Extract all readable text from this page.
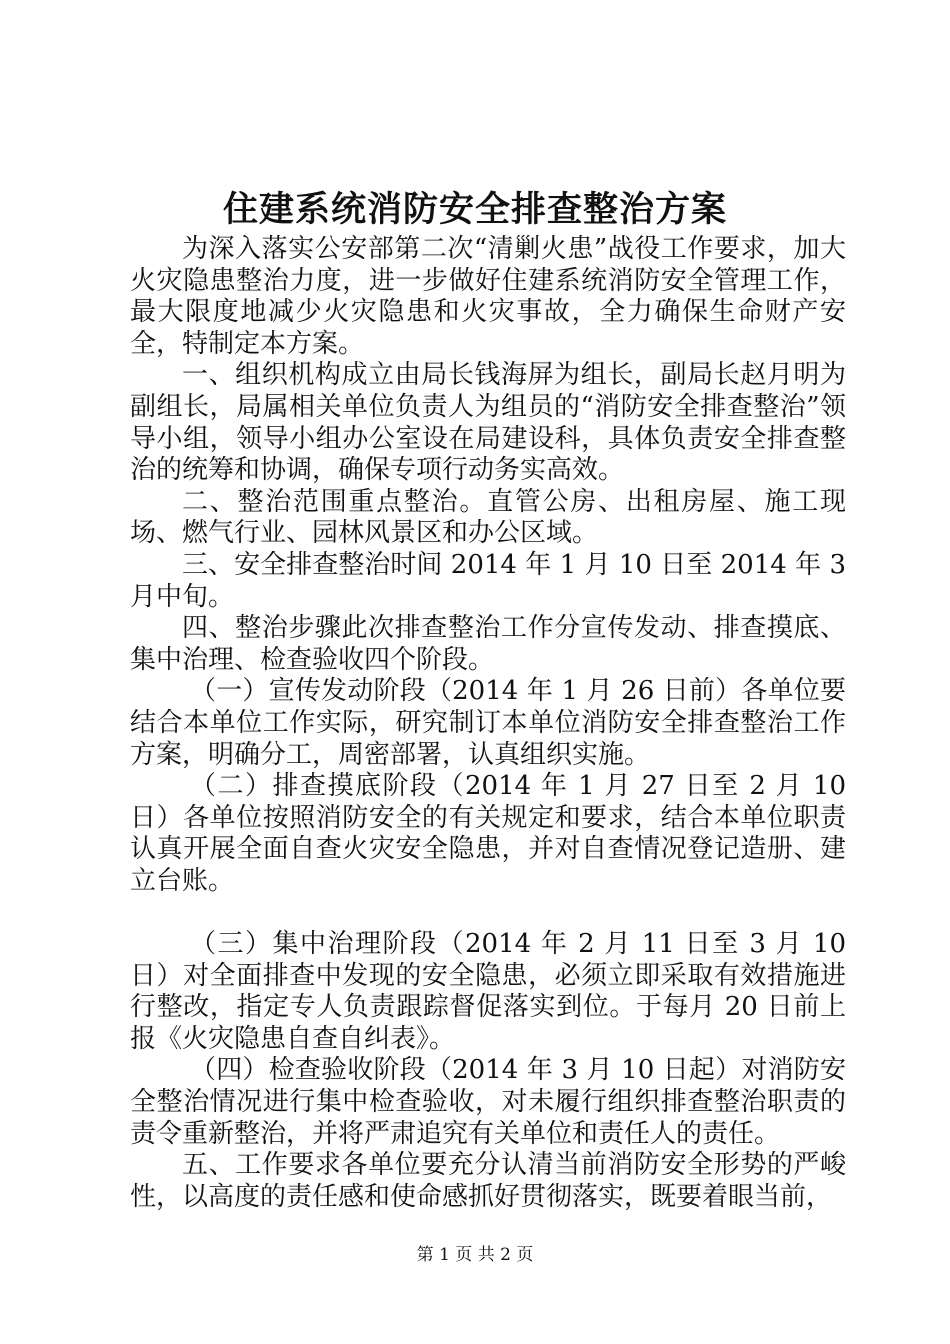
住建系统消防安全排查整治方案

为深入落实公安部第二次“清剿火患”战役工作要求，加大火灾隐患整治力度，进一步做好住建系统消防安全管理工作，最大限度地减少火灾隐患和火灾事故，全力确保生命财产安全，特制定本方案。

一、组织机构成立由局长钱海屏为组长，副局长赵月明为副组长，局属相关单位负责人为组员的“消防安全排查整治”领导小组，领导小组办公室设在局建设科，具体负责安全排查整治的统筹和协调，确保专项行动务实高效。

二、整治范围重点整治。直管公房、出租房屋、施工现场、燃气行业、园林风景区和办公区域。

三、安全排查整治时间 2014 年 1 月 10 日至 2014 年 3 月中旬。

四、整治步骤此次排查整治工作分宣传发动、排查摸底、集中治理、检查验收四个阶段。

（一）宣传发动阶段（2014 年 1 月 26 日前）各单位要结合本单位工作实际，研究制订本单位消防安全排查整治工作方案，明确分工，周密部署，认真组织实施。

（二）排查摸底阶段（2014 年 1 月 27 日至 2 月 10 日）各单位按照消防安全的有关规定和要求，结合本单位职责认真开展全面自查火灾安全隐患，并对自查情况登记造册、建立台账。

（三）集中治理阶段（2014 年 2 月 11 日至 3 月 10 日）对全面排查中发现的安全隐患，必须立即采取有效措施进行整改，指定专人负责跟踪督促落实到位。于每月 20 日前上报《火灾隐患自查自纠表》。

（四）检查验收阶段（2014 年 3 月 10 日起）对消防安全整治情况进行集中检查验收，对未履行组织排查整治职责的责令重新整治，并将严肃追究有关单位和责任人的责任。

五、工作要求各单位要充分认清当前消防安全形势的严峻性，以高度的责任感和使命感抓好贯彻落实，既要着眼当前，

第 1 页 共 2 页
